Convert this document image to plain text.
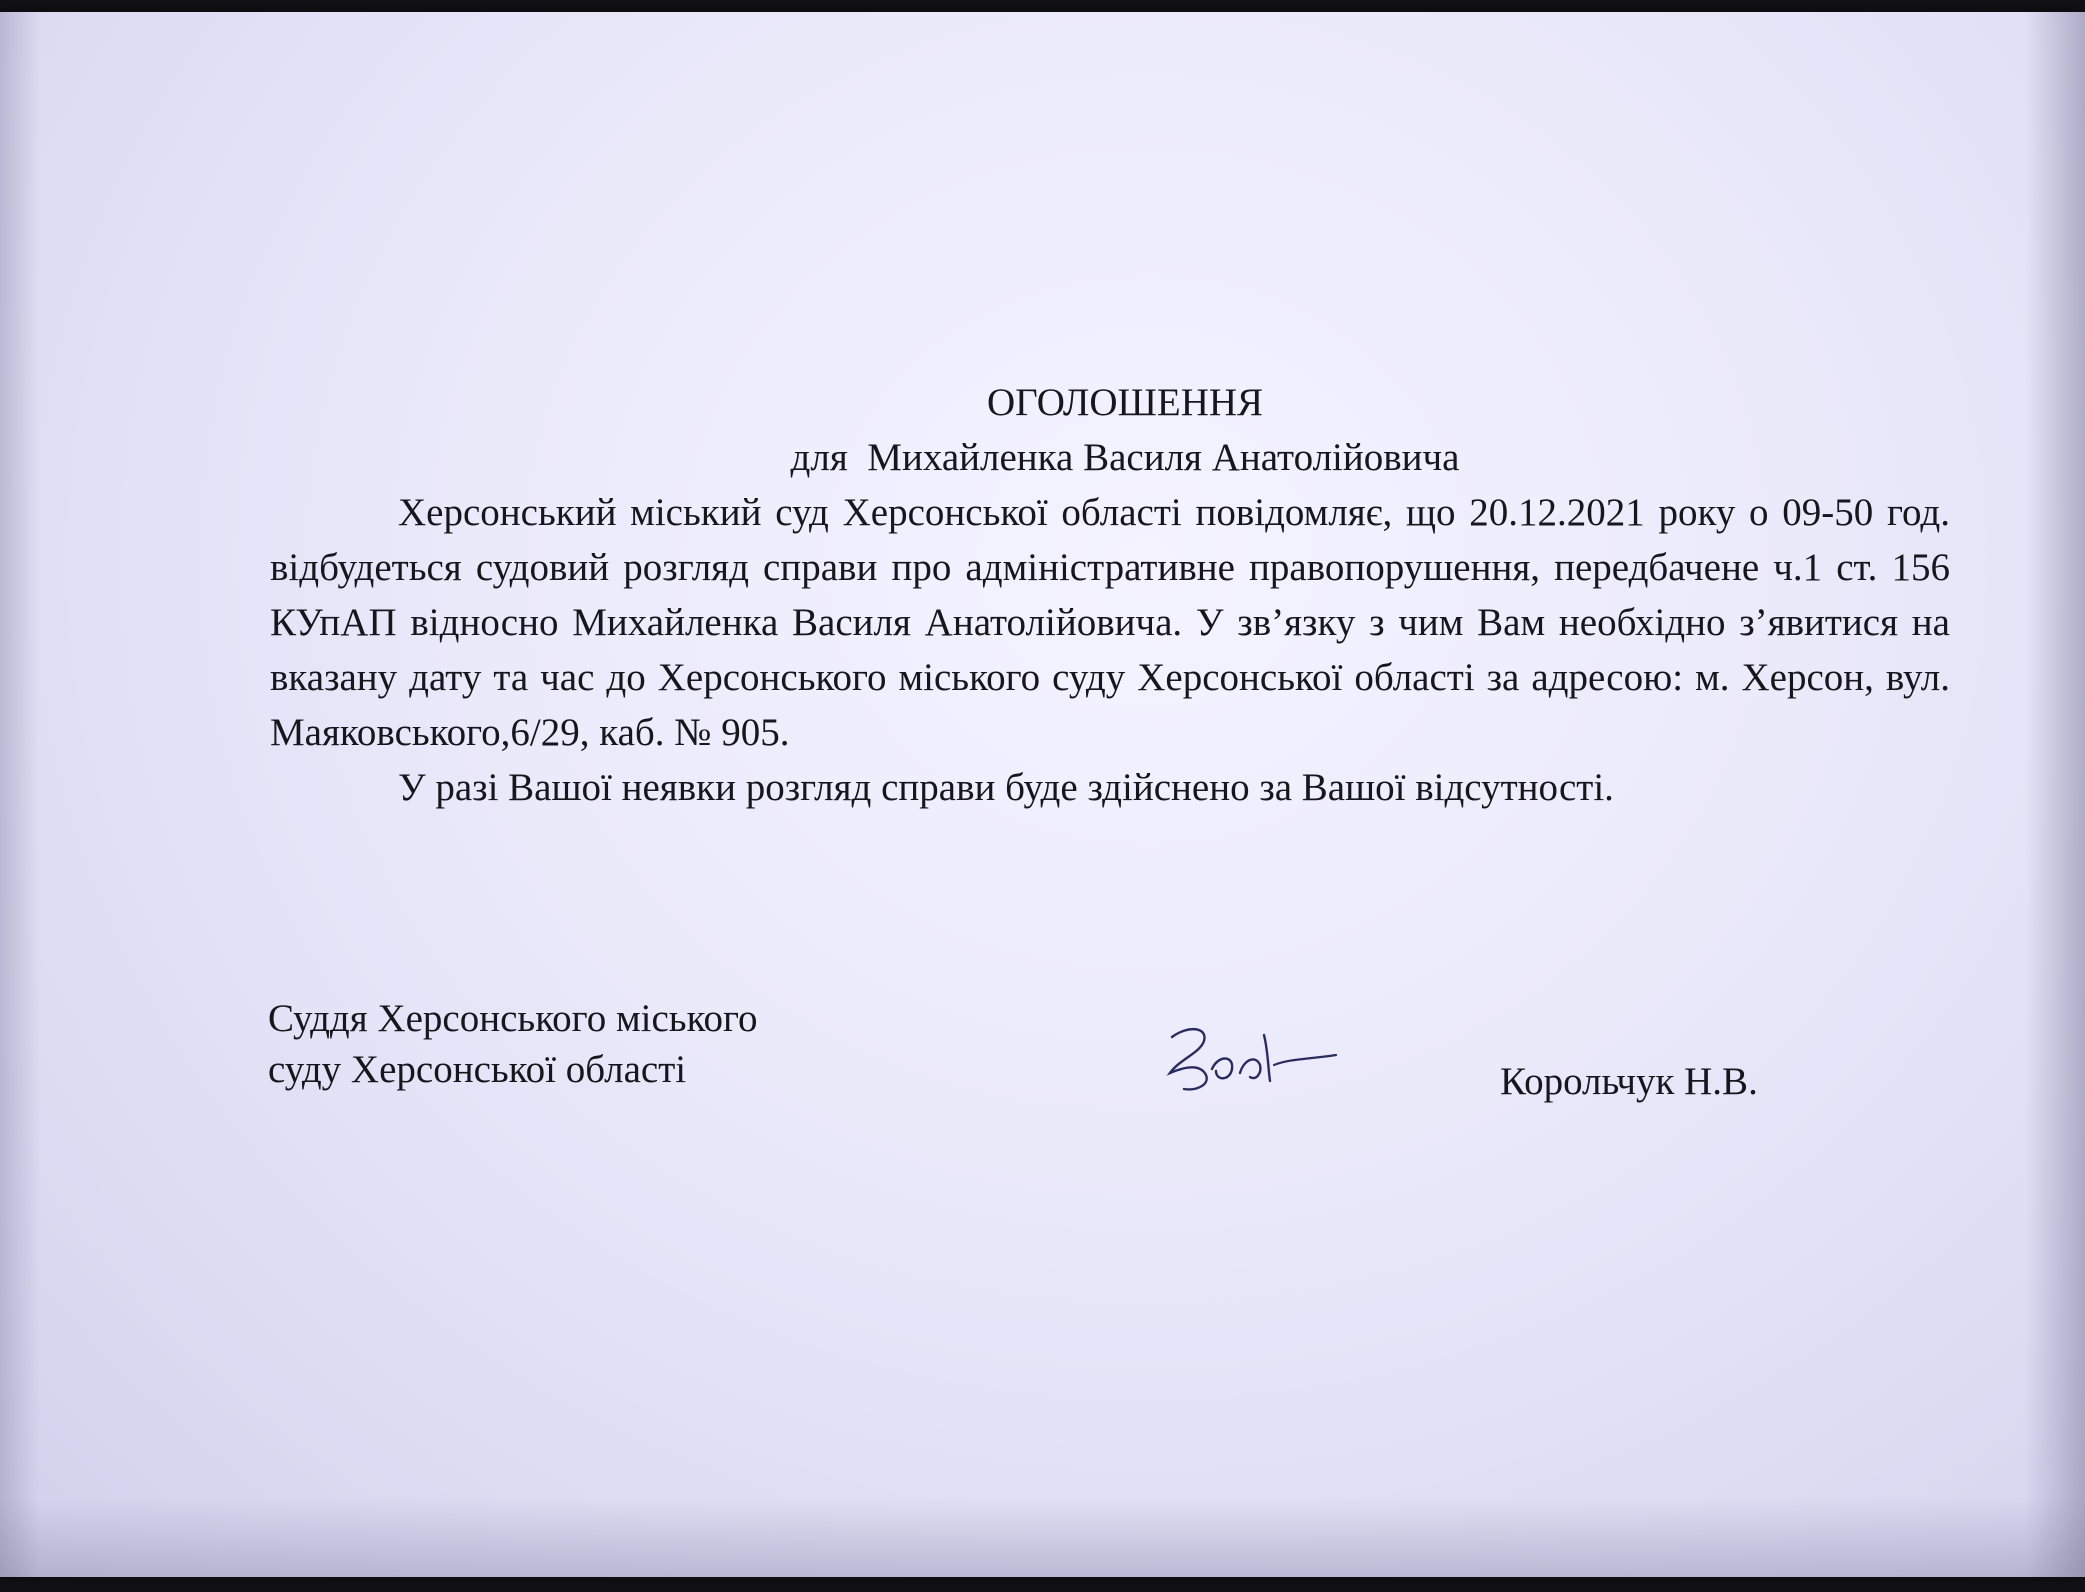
ОГОЛОШЕННЯ

для  Михайленка Василя Анатолійовича

Херсонський міський суд Херсонської області повідомляє, що 20.12.2021 року о 09-50 год. відбудеться судовий розгляд справи про адміністративне правопорушення, передбачене ч.1 ст. 156 КУпАП відносно Михайленка Василя Анатолійовича. У зв’язку з чим Вам необхідно з’явитися на вказану дату та час до Херсонського міського суду Херсонської області за адресою: м. Херсон, вул. Маяковського,6/29, каб. № 905.

У разі Вашої неявки розгляд справи буде здійснено за Вашої відсутності.

Суддя Херсонського міського
суду Херсонської області	Корольчук Н.В.
